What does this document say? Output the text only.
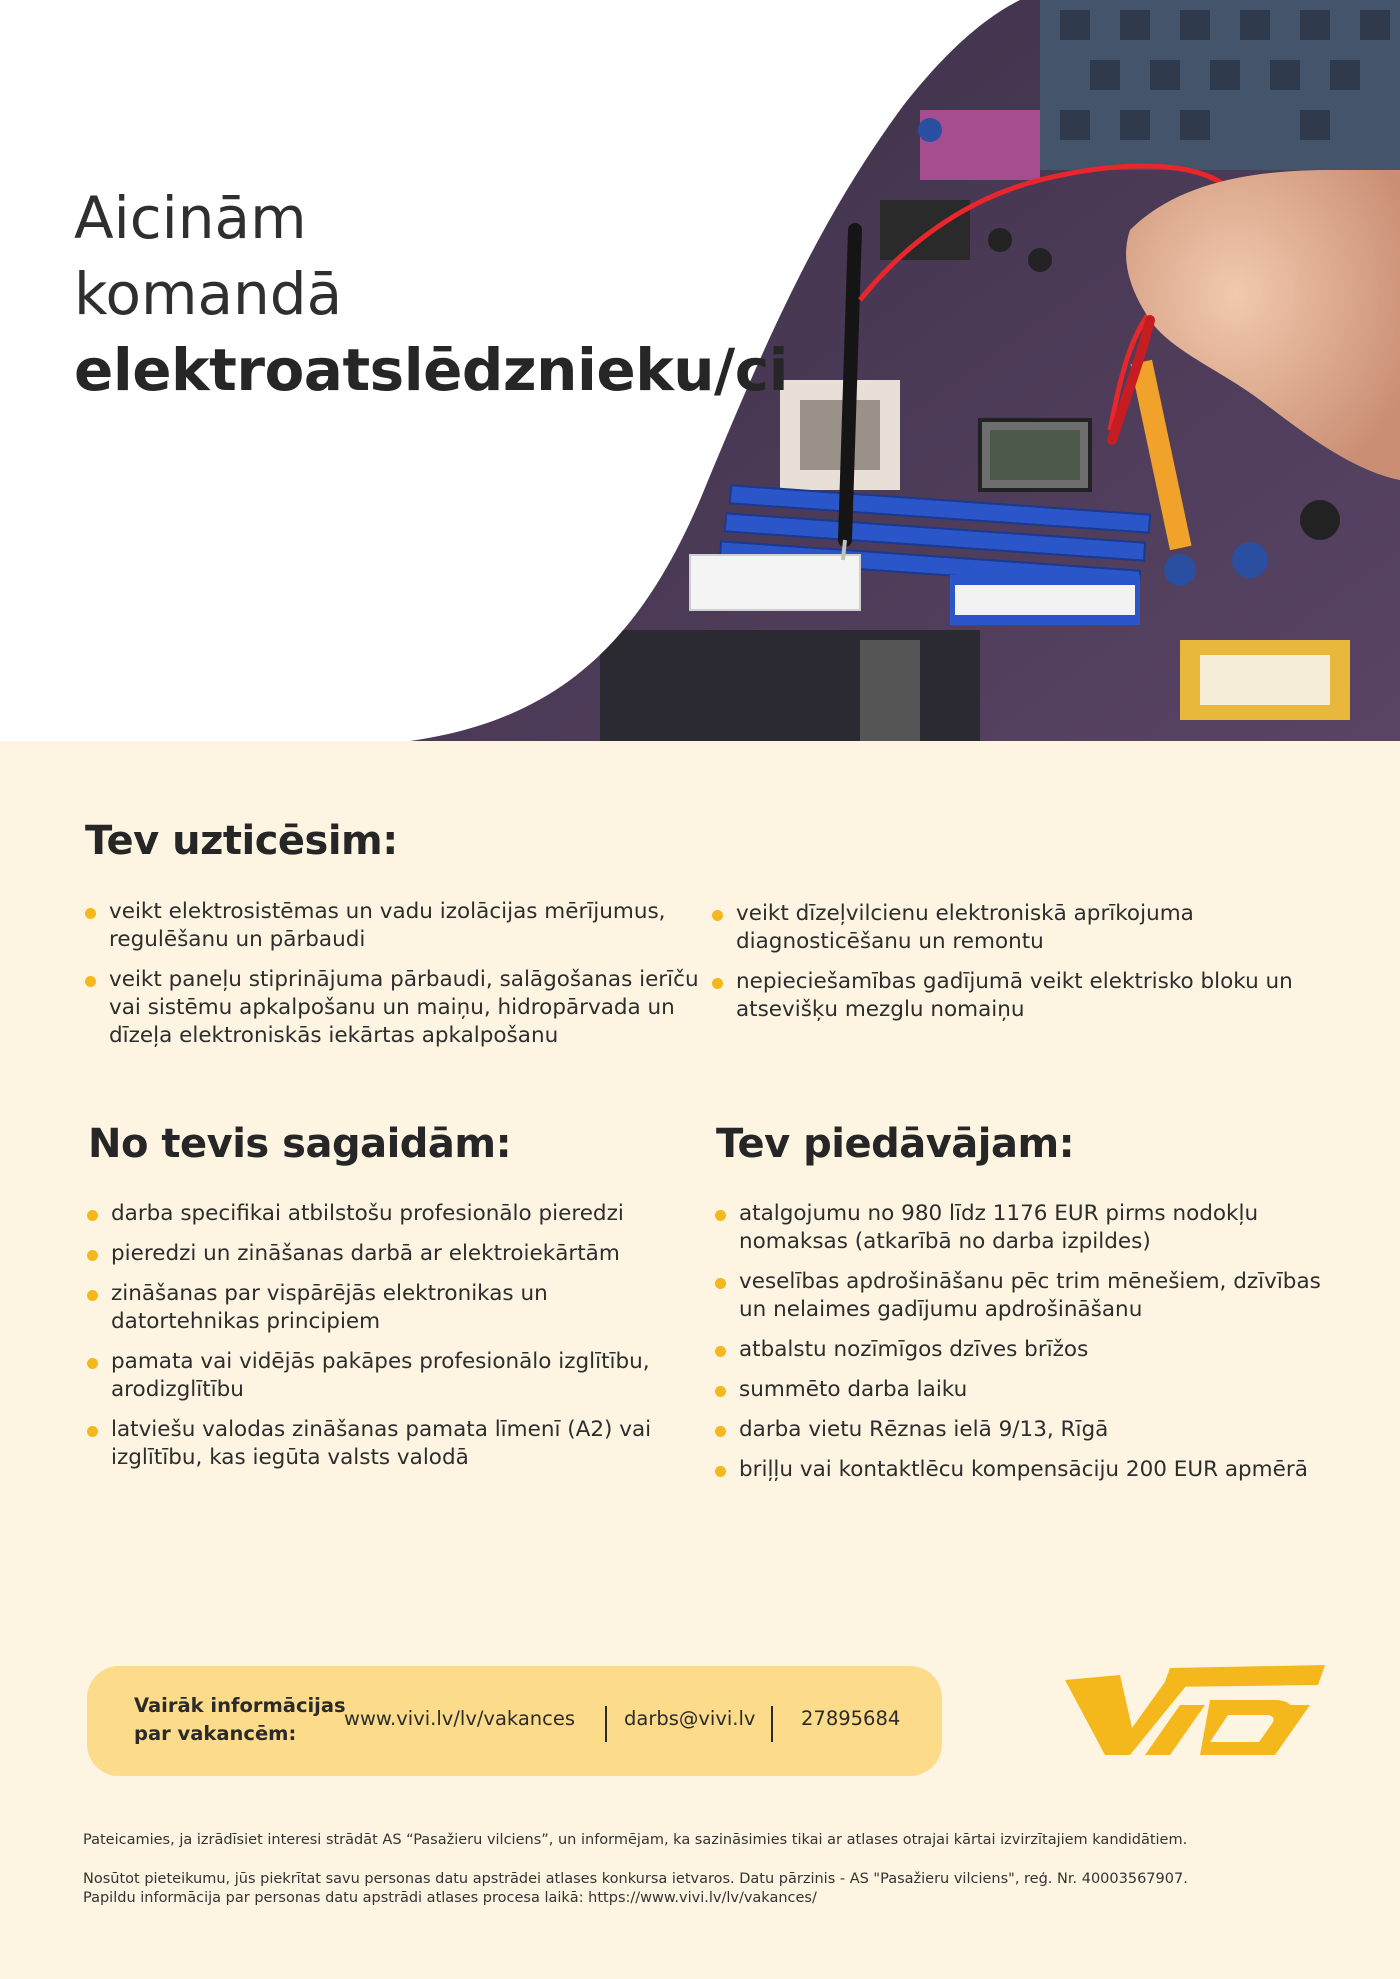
Aicinām
komandā
elektroatslēdznieku/ci
Tev uzticēsim:
veikt elektrosistēmas un vadu izolācijas mērījumus, regulēšanu un pārbaudi
veikt paneļu stiprinājuma pārbaudi, salāgošanas ierīču vai sistēmu apkalpošanu un maiņu, hidropārvada un dīzeļa elektroniskās iekārtas apkalpošanu
veikt dīzeļvilcienu elektroniskā aprīkojuma diagnosticēšanu un remontu
nepieciešamības gadījumā veikt elektrisko bloku un atsevišķu mezglu nomaiņu
No tevis sagaidām:
darba specifikai atbilstošu profesionālo pieredzi
pieredzi un zināšanas darbā ar elektroiekārtām
zināšanas par vispārējās elektronikas un datortehnikas principiem
pamata vai vidējās pakāpes profesionālo izglītību, arodizglītību
latviešu valodas zināšanas pamata līmenī (A2) vai izglītību, kas iegūta valsts valodā
Tev piedāvājam:
atalgojumu no 980 līdz 1176 EUR pirms nodokļu nomaksas (atkarībā no darba izpildes)
veselības apdrošināšanu pēc trim mēnešiem, dzīvības un nelaimes gadījumu apdrošināšanu
atbalstu nozīmīgos dzīves brīžos
summēto darba laiku
darba vietu Rēznas ielā 9/13, Rīgā
briļļu vai kontaktlēcu kompensāciju 200 EUR apmērā
Vairāk informācijas
par vakancēm:
www.vivi.lv/lv/vakances	darbs@vivi.lv 27895684
Pateicamies, ja izrādīsiet interesi strādāt AS “Pasažieru vilciens”, un informējam, ka sazināsimies tikai ar atlases otrajai kārtai izvirzītajiem kandidātiem.
Nosūtot pieteikumu, jūs piekrītat savu personas datu apstrādei atlases konkursa ietvaros. Datu pārzinis - AS "Pasažieru vilciens", reģ. Nr. 40003567907.
Papildu informācija par personas datu apstrādi atlases procesa laikā: https://www.vivi.lv/lv/vakances/
